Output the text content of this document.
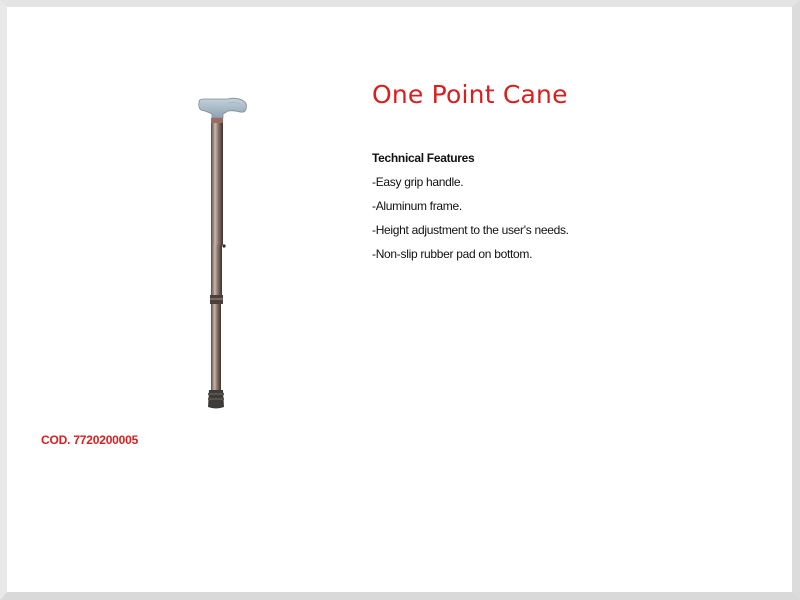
One Point Cane
Technical Features
-Easy grip handle.
-Aluminum frame.
-Height adjustment to the user's needs.
-Non-slip rubber pad on bottom.
COD. 7720200005
